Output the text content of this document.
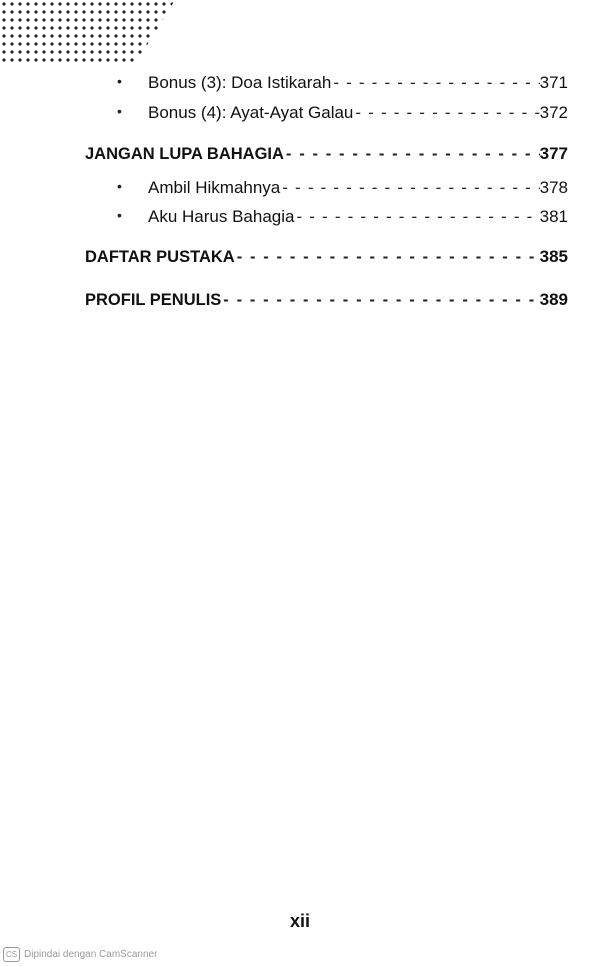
• Bonus (3): Doa Istikarah - - -	371
• Bonus (4): Ayat-Ayat Galau - - -	372
JANGAN LUPA BAHAGIA - - -	377
• Ambil Hikmahnya - - -	378
• Aku Harus Bahagia - - -	381
DAFTAR PUSTAKA - - -	385
PROFIL PENULIS - - -	389
xii
CS Dipindai dengan CamScanner
